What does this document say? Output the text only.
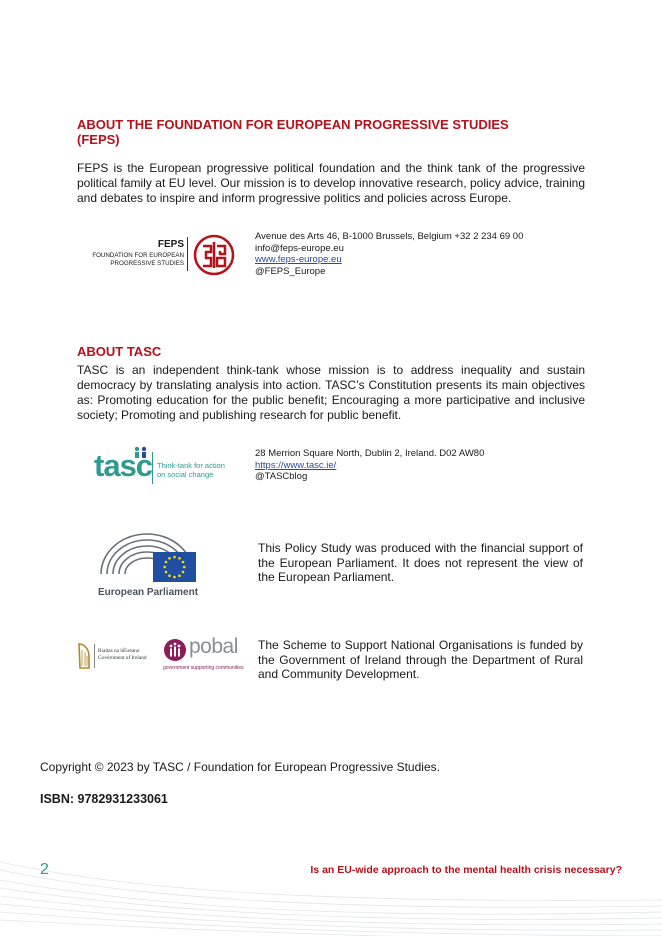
ABOUT THE FOUNDATION FOR EUROPEAN PROGRESSIVE STUDIES

(FEPS)

FEPS is the European progressive political foundation and the think tank of the progressive political family at EU level. Our mission is to develop innovative research, policy advice, training and debates to inspire and inform progressive politics and policies across Europe.

FEPS
FOUNDATION FOR EUROPEAN
PROGRESSIVE STUDIES
Avenue des Arts 46, B-1000 Brussels, Belgium +32 2 234 69 00
info@feps-europe.eu
www.feps-europe.eu
@FEPS_Europe

ABOUT TASC

TASC is an independent think-tank whose mission is to address inequality and sustain democracy by translating analysis into action. TASC’s Constitution presents its main objectives as: Promoting education for the public benefit; Encouraging a more participative and inclusive society; Promoting and publishing research for public benefit.

tasc Think-tank for action
on social change
28 Merrion Square North, Dublin 2, Ireland. D02 AW80
https://www.tasc.ie/
@TASCblog
European Parliament

This Policy Study was produced with the financial support of the European Parliament. It does not represent the view of the European Parliament.

Rialtas na hÉireann
Government of Ireland pobal
government supporting communities

The Scheme to Support National Organisations is funded by the Government of Ireland through the Department of Rural and Community Development.

Copyright © 2023 by TASC / Foundation for European Progressive Studies.
ISBN: 9782931233061
2	Is an EU-wide approach to the mental health crisis necessary?
